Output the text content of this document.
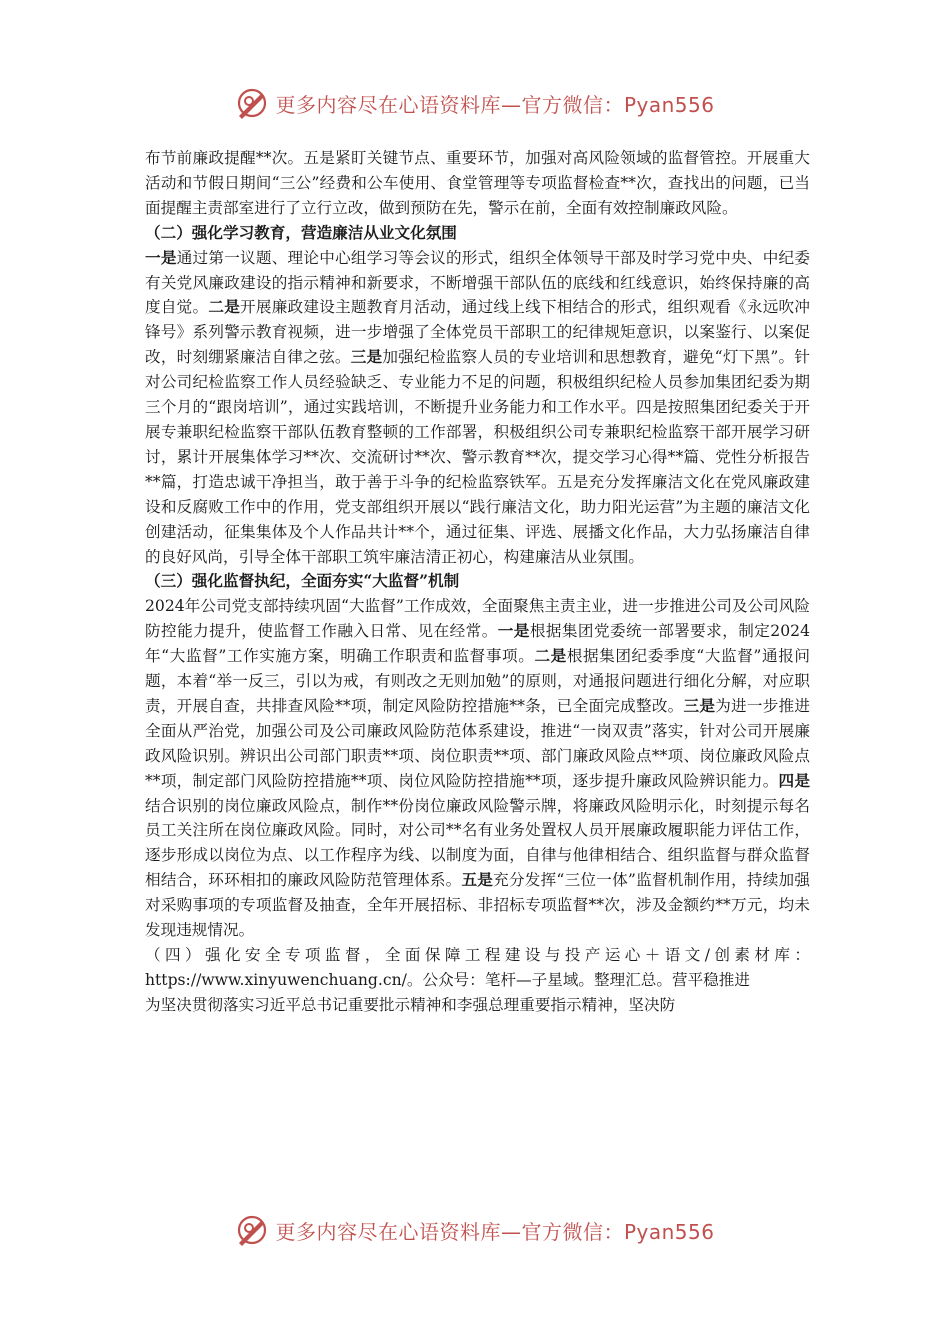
更多内容尽在心语资料库—官方微信：Pyan556

布节前廉政提醒**次。五是紧盯关键节点、重要环节，加强对高风险领域的监督管控。开展重大活动和节假日期间“三公”经费和公车使用、食堂管理等专项监督检查**次，查找出的问题，已当面提醒主责部室进行了立行立改，做到预防在先，警示在前，全面有效控制廉政风险。

（二）强化学习教育，营造廉洁从业文化氛围

一是通过第一议题、理论中心组学习等会议的形式，组织全体领导干部及时学习党中央、中纪委有关党风廉政建设的指示精神和新要求，不断增强干部队伍的底线和红线意识，始终保持廉的高度自觉。二是开展廉政建设主题教育月活动，通过线上线下相结合的形式，组织观看《永远吹冲锋号》系列警示教育视频，进一步增强了全体党员干部职工的纪律规矩意识，以案鉴行、以案促改，时刻绷紧廉洁自律之弦。三是加强纪检监察人员的专业培训和思想教育，避免“灯下黑”。针对公司纪检监察工作人员经验缺乏、专业能力不足的问题，积极组织纪检人员参加集团纪委为期三个月的“跟岗培训”，通过实践培训，不断提升业务能力和工作水平。四是按照集团纪委关于开展专兼职纪检监察干部队伍教育整顿的工作部署，积极组织公司专兼职纪检监察干部开展学习研讨，累计开展集体学习**次、交流研讨**次、警示教育**次，提交学习心得**篇、党性分析报告**篇，打造忠诚干净担当，敢于善于斗争的纪检监察铁军。五是充分发挥廉洁文化在党风廉政建设和反腐败工作中的作用，党支部组织开展以“践行廉洁文化，助力阳光运营”为主题的廉洁文化创建活动，征集集体及个人作品共计**个，通过征集、评选、展播文化作品，大力弘扬廉洁自律的良好风尚，引导全体干部职工筑牢廉洁清正初心，构建廉洁从业氛围。

（三）强化监督执纪，全面夯实“大监督”机制

2024年公司党支部持续巩固“大监督”工作成效，全面聚焦主责主业，进一步推进公司及公司风险防控能力提升，使监督工作融入日常、见在经常。一是根据集团党委统一部署要求，制定2024年“大监督”工作实施方案，明确工作职责和监督事项。二是根据集团纪委季度“大监督”通报问题，本着“举一反三，引以为戒，有则改之无则加勉”的原则，对通报问题进行细化分解，对应职责，开展自查，共排查风险**项，制定风险防控措施**条，已全面完成整改。三是为进一步推进全面从严治党，加强公司及公司廉政风险防范体系建设，推进“一岗双责”落实，针对公司开展廉政风险识别。辨识出公司部门职责**项、岗位职责**项、部门廉政风险点**项、岗位廉政风险点**项，制定部门风险防控措施**项、岗位风险防控措施**项，逐步提升廉政风险辨识能力。四是结合识别的岗位廉政风险点，制作**份岗位廉政风险警示牌，将廉政风险明示化，时刻提示每名员工关注所在岗位廉政风险。同时，对公司**名有业务处置权人员开展廉政履职能力评估工作，逐步形成以岗位为点、以工作程序为线、以制度为面，自律与他律相结合、组织监督与群众监督相结合，环环相扣的廉政风险防范管理体系。五是充分发挥“三位一体”监督机制作用，持续加强对采购事项的专项监督及抽查，全年开展招标、非招标专项监督**次，涉及金额约**万元，均未发现违规情况。

（四）强化安全专项监督，全面保障工程建设与投产运心＋语文/创素材库：https://www.xinyuwenchuang.cn/。公众号：笔杆—子星域。整理汇总。营平稳推进

为坚决贯彻落实习近平总书记重要批示精神和李强总理重要指示精神，坚决防

更多内容尽在心语资料库—官方微信：Pyan556
